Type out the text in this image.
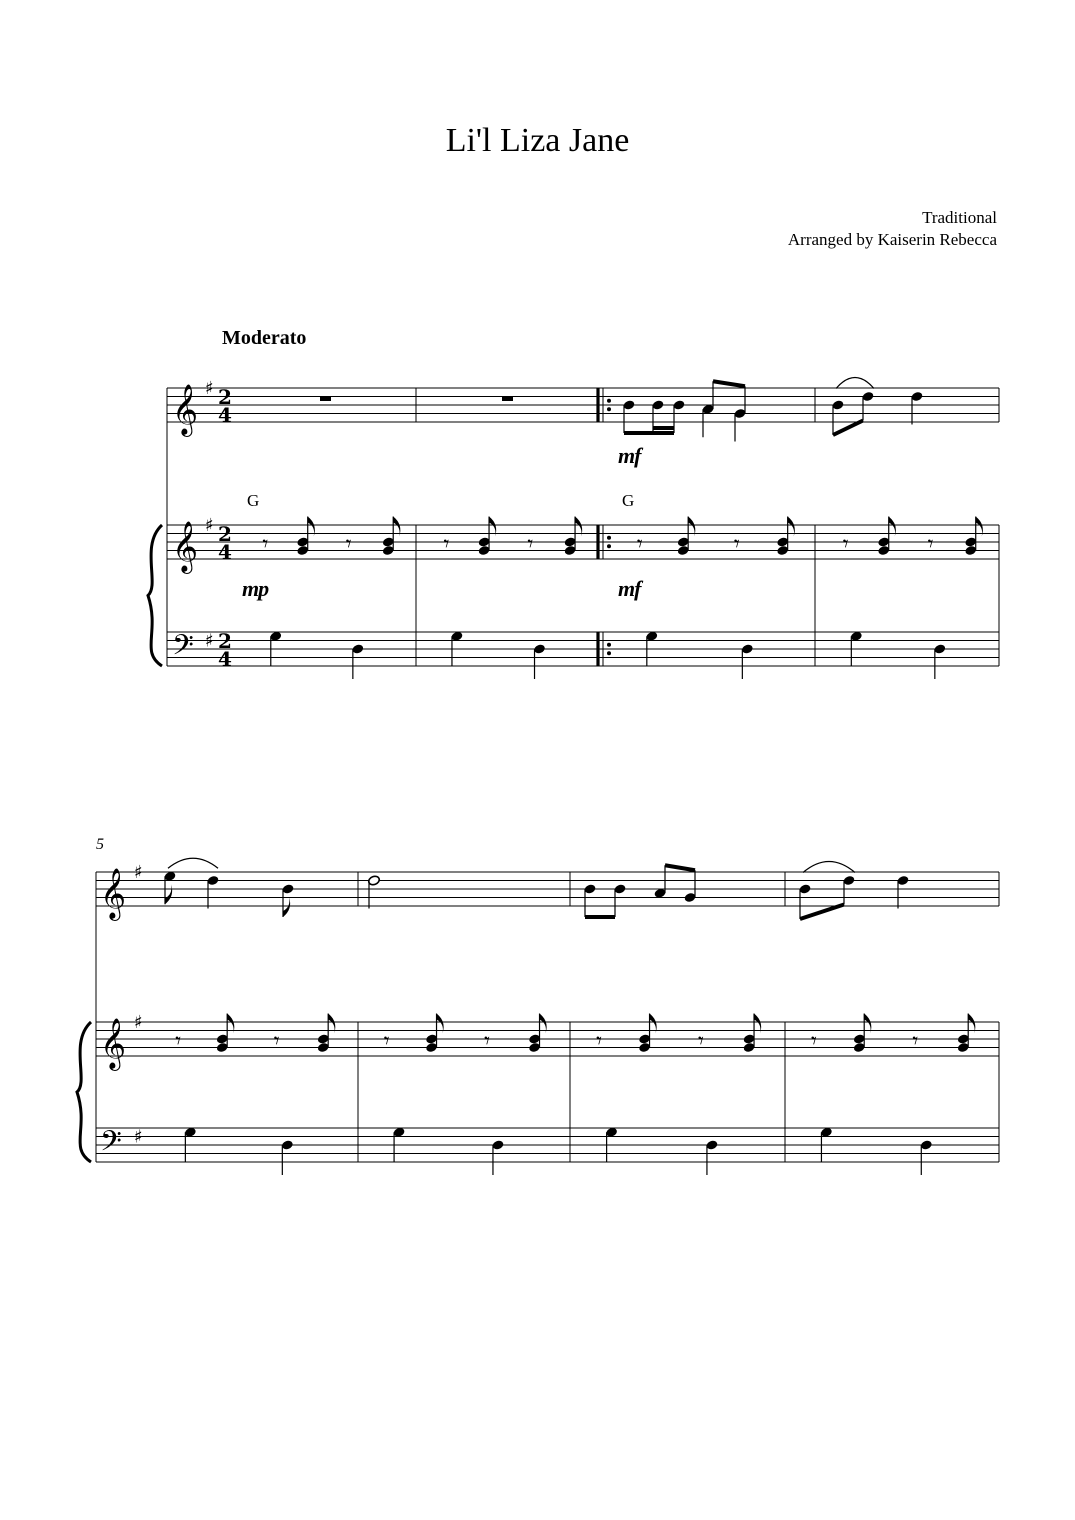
Li'l Liza Jane
Traditional
Arranged by Kaiserin Rebecca
Moderato
G	G
mf
mp	mf
5
𝄞
𝄞
𝄢
♯
♯
♯
2
4
2
4
2
4
𝄾	𝄾	𝄾	𝄾	𝄾	𝄾	𝄾	𝄾
𝄞
𝄞
𝄢
♯
♯
♯
𝄾	𝄾	𝄾	𝄾	𝄾	𝄾	𝄾	𝄾
